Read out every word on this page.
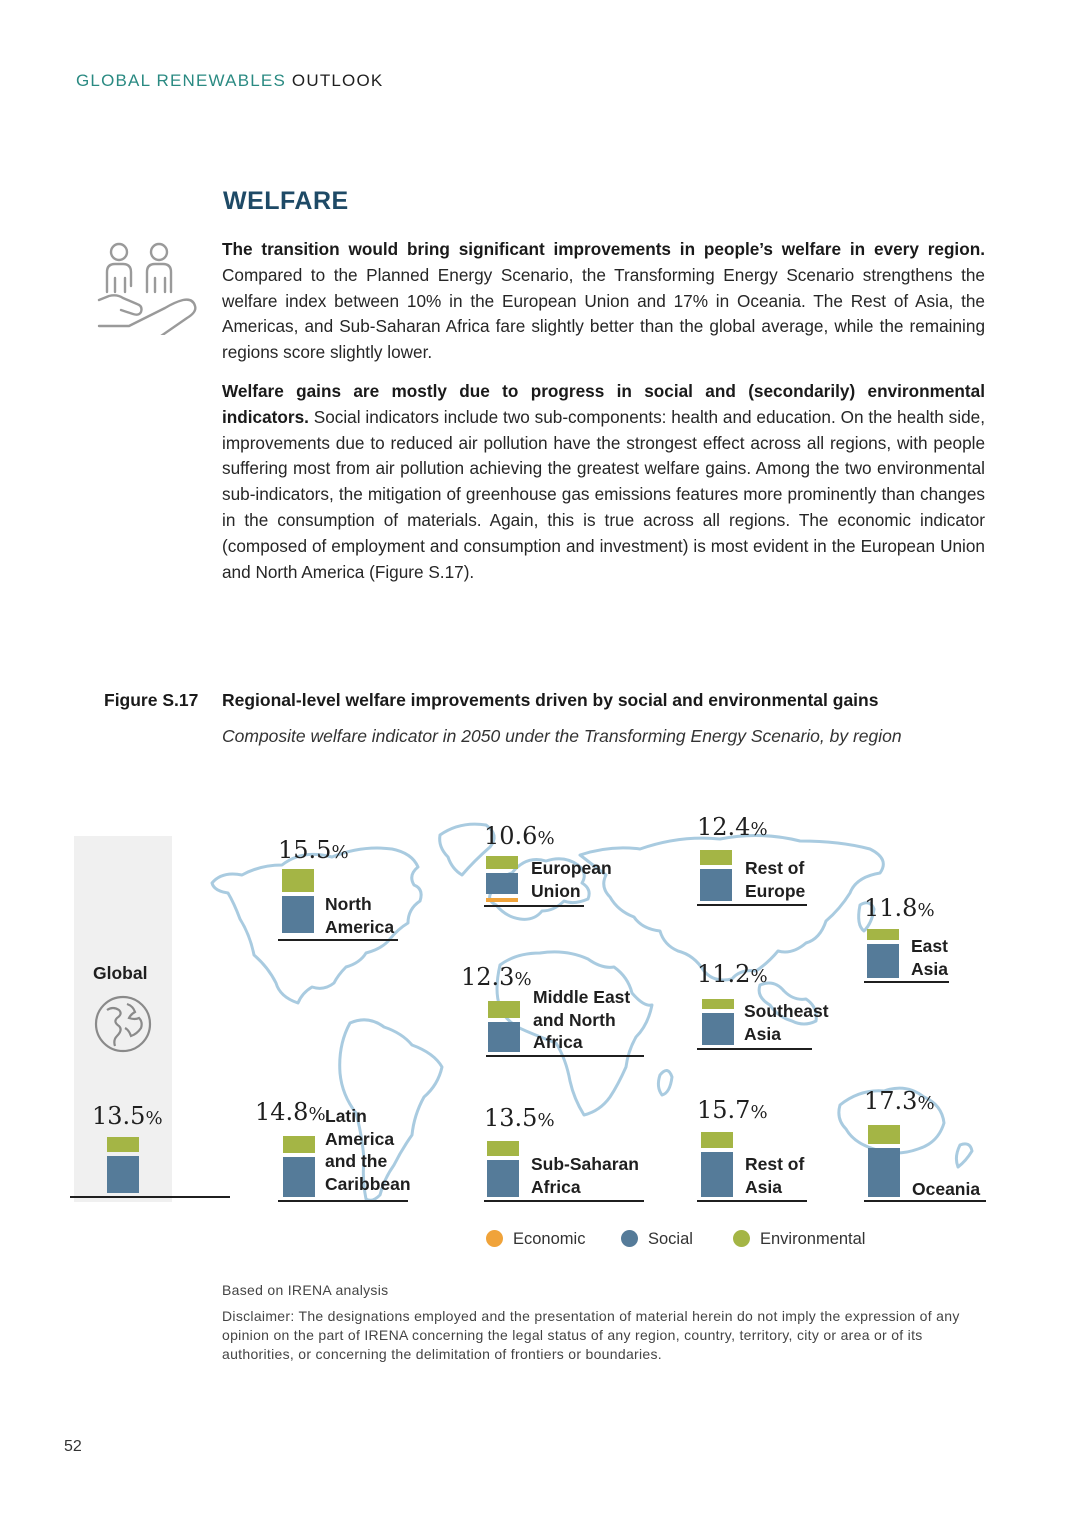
GLOBAL RENEWABLES OUTLOOK
WELFARE

The transition would bring significant improvements in people’s welfare in every region. Compared to the Planned Energy Scenario, the Transforming Energy Scenario strengthens the welfare index between 10% in the European Union and 17% in Oceania. The Rest of Asia, the Americas, and Sub-Saharan Africa fare slightly better than the global average, while the remaining regions score slightly lower.

Welfare gains are mostly due to progress in social and (secondarily) environmental indicators. Social indicators include two sub-components: health and education. On the health side, improvements due to reduced air pollution have the strongest effect across all regions, with people suffering most from air pollution achieving the greatest welfare gains. Among the two environmental sub-indicators, the mitigation of greenhouse gas emissions features more prominently than changes in the consumption of materials. Again, this is true across all regions. The economic indicator (composed of employment and consumption and investment) is most evident in the European Union and North America (Figure S.17).

Figure S.17 Regional-level welfare improvements driven by social and environmental gains
Composite welfare indicator in 2050 under the Transforming Energy Scenario, by region
Global
13.5%
15.5%
North
America
10.6%
European
Union
12.4%
Rest of
Europe
11.8%
East
Asia
12.3%
Middle East
and North
Africa
11.2%
Southeast
Asia
14.8% Latin
America
and the
Caribbean
13.5%
Sub-Saharan
Africa
15.7%
Rest of
Asia
17.3%
Oceania
Economic	Social	Environmental
Based on IRENA analysis

Disclaimer: The designations employed and the presentation of material herein do not imply the expression of any opinion on the part of IRENA concerning the legal status of any region, country, territory, city or area or of its authorities, or concerning the delimitation of frontiers or boundaries.

52
